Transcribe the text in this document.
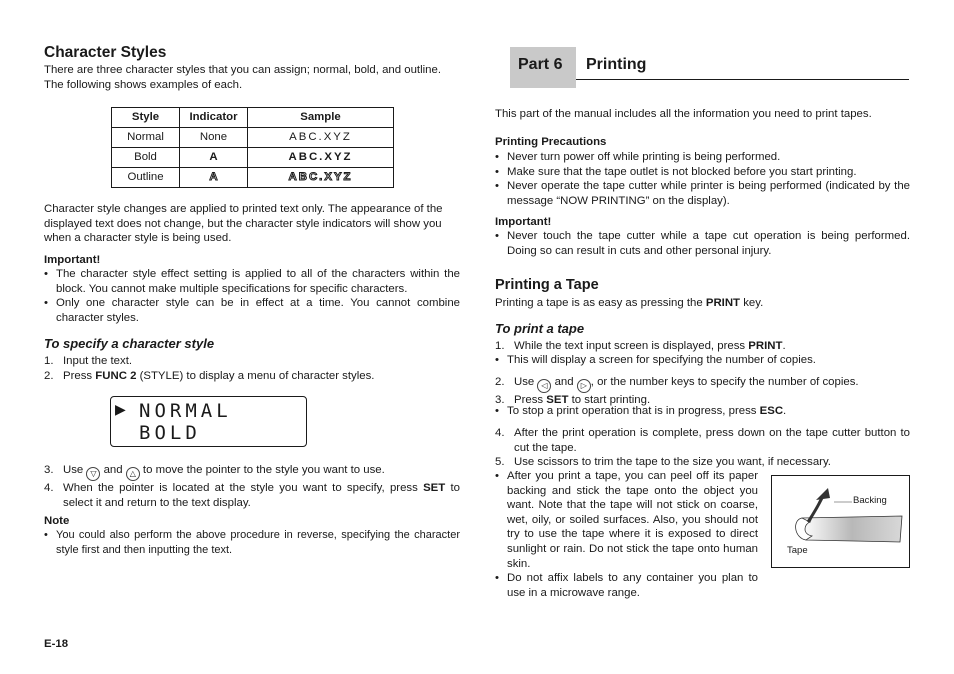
Character Styles

There are three character styles that you can assign; normal, bold, and outline.

The following shows examples of each.

Style	Indicator	Sample
Normal	None	ABC.XYZ
Bold	A	ABC.XYZ
Outline	A	ABC.XYZ

Character style changes are applied to printed text only. The appearance of the

displayed text does not change, but the character style indicators will show you

when a character style is being used.

Important!

• The character style effect setting is applied to all of the characters within the block. You cannot make multiple specifications for specific characters.
• Only one character style can be in effect at a time. You cannot combine character styles.
To specify a character style
1. Input the text.
2. Press FUNC 2 (STYLE) to display a menu of character styles.
▶ NORMAL
BOLD
3. Use ▽ and △ to move the pointer to the style you want to use.
4. When the pointer is located at the style you want to specify, press SET to select it and return to the text display.

Note

• You could also perform the above procedure in reverse, specifying the character style first and then inputting the text.
E-18
Part 6 Printing

This part of the manual includes all the information you need to print tapes.

Printing Precautions

• Never turn power off while printing is being performed.
• Make sure that the tape outlet is not blocked before you start printing.
• Never operate the tape cutter while printer is being performed (indicated by the message “NOW PRINTING” on the display).

Important!

• Never touch the tape cutter while a tape cut operation is being performed. Doing so can result in cuts and other personal injury.
Printing a Tape

Printing a tape is as easy as pressing the PRINT key.

To print a tape
1. While the text input screen is displayed, press PRINT.
• This will display a screen for specifying the number of copies.
2. Use ◁ and ▷ , or the number keys to specify the number of copies.
3. Press SET to start printing.
• To stop a print operation that is in progress, press ESC.
4. After the print operation is complete, press down on the tape cutter button to cut the tape.
5. Use scissors to trim the tape to the size you want, if necessary.
• After you print a tape, you can peel off its paper backing and stick the tape onto the object you want. Note that the tape will not stick on coarse, wet, oily, or soiled surfaces. Also, you should not try to use the tape where it is exposed to direct sunlight or rain. Do not stick the tape onto human skin.
• Do not affix labels to any container you plan to use in a microwave range.
Backing
Tape
